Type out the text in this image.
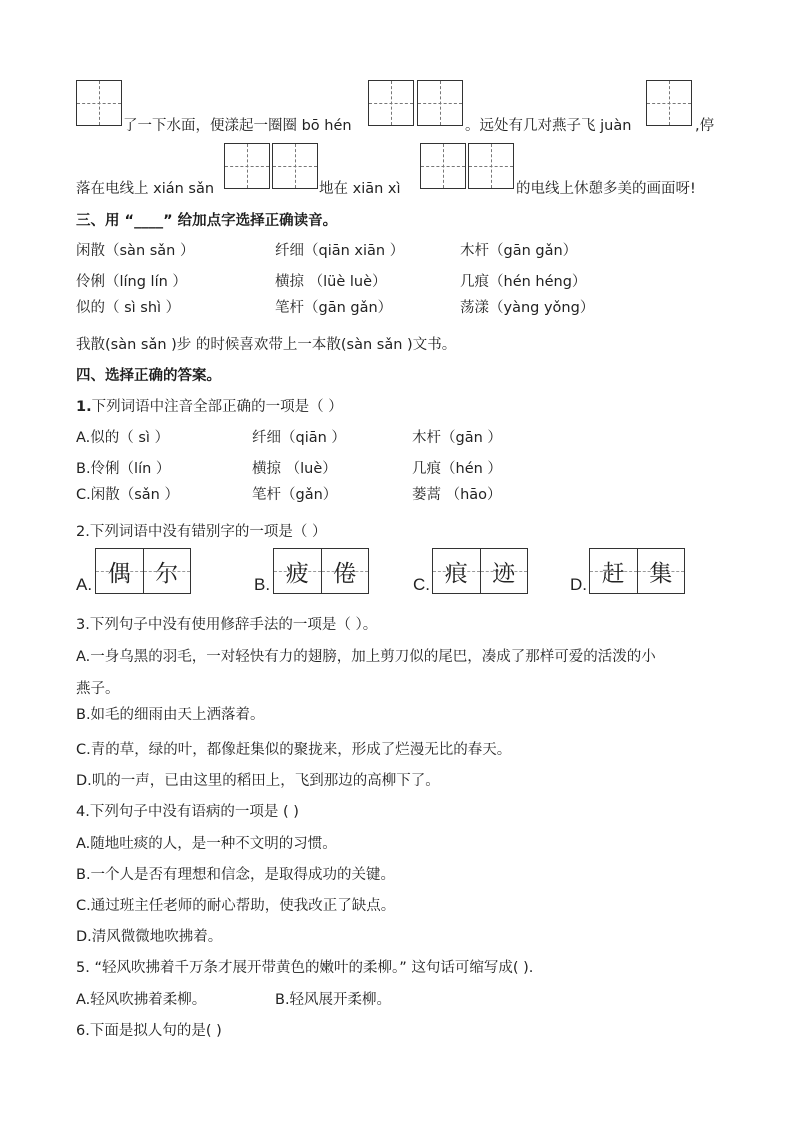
了一下水面，便漾起一圈圈 bō hén	。远处有几对燕子飞 juàn	,停
落在电线上 xián sǎn	地在 xiān xì	的电线上休憩多美的画面呀!
三、用 “____” 给加点字选择正确读音。
闲散（sàn sǎn ）	纤细（qiān xiān ）	木杆（gān gǎn）
伶俐（líng lín ）	横掠 （lüè luè）	几痕（hén héng）
似的（ sì shì ）	笔杆（gān gǎn）	荡漾（yàng yǒng）
我散(sàn sǎn )步 的时候喜欢带上一本散(sàn sǎn )文书。
四、选择正确的答案。
1.下列词语中注音全部正确的一项是（ ）
A.似的（ sì ）	纤细（qiān ）	木杆（gān ）
B.伶俐（lín ）	横掠 （luè）	几痕（hén ）
C.闲散（sǎn ）	笔杆（gǎn）	蒌蒿 （hāo）
2.下列词语中没有错别字的一项是（ ）
A. 偶 尔	B. 疲 倦	C. 痕 迹	D. 赶 集
3.下列句子中没有使用修辞手法的一项是（ ）。
A.一身乌黑的羽毛，一对轻快有力的翅膀，加上剪刀似的尾巴，凑成了那样可爱的活泼的小
燕子。
B.如毛的细雨由天上洒落着。
C.青的草，绿的叶，都像赶集似的聚拢来，形成了烂漫无比的春天。
D.叽的一声，已由这里的稻田上，飞到那边的高柳下了。
4.下列句子中没有语病的一项是 ( )
A.随地吐痰的人，是一种不文明的习惯。
B.一个人是否有理想和信念，是取得成功的关键。
C.通过班主任老师的耐心帮助，使我改正了缺点。
D.清风微微地吹拂着。
5. “轻风吹拂着千万条才展开带黄色的嫩叶的柔柳。” 这句话可缩写成( ).
A.轻风吹拂着柔柳。	B.轻风展开柔柳。
6.下面是拟人句的是( )
